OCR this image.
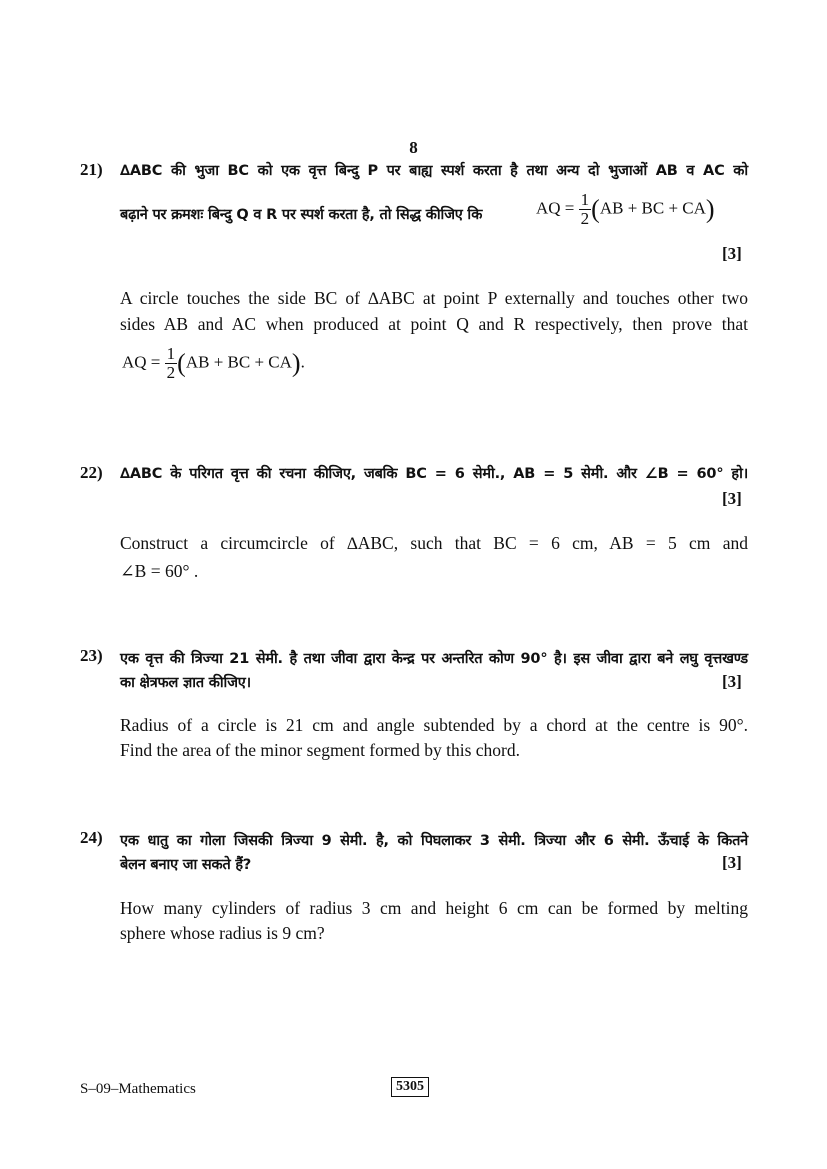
8
21) ∆ABC की भुजा BC को एक वृत्त बिन्दु P पर बाह्य स्पर्श करता है तथा अन्य दो भुजाओं AB व AC को
बढ़ाने पर क्रमशः बिन्दु Q व R पर स्पर्श करता है, तो सिद्ध कीजिए कि	AQ = $\frac{1}{2} (AB$ + BC + CA)
[3]
A circle touches the side BC of ∆ABC at point P externally and touches other two
sides AB and AC when produced at point Q and R respectively, then prove that
AQ = $\frac{1}{2} (AB$ + BC + CA).
22) ∆ABC के परिगत वृत्त की रचना कीजिए, जबकि BC = 6 सेमी., AB = 5 सेमी. और ∠B = 60° हो।
[3]
Construct a circumcircle of ∆ABC, such that BC = 6 cm, AB = 5 cm and
∠B = 60° .
23) एक वृत्त की त्रिज्या 21 सेमी. है तथा जीवा द्वारा केन्द्र पर अन्तरित कोण 90° है। इस जीवा द्वारा बने लघु वृत्तखण्ड
का क्षेत्रफल ज्ञात कीजिए।	[3]
Radius of a circle is 21 cm and angle subtended by a chord at the centre is 90°.
Find the area of the minor segment formed by this chord.
24) एक धातु का गोला जिसकी त्रिज्या 9 सेमी. है, को पिघलाकर 3 सेमी. त्रिज्या और 6 सेमी. ऊँचाई के कितने
बेलन बनाए जा सकते हैं?	[3]
How many cylinders of radius 3 cm and height 6 cm can be formed by melting
sphere whose radius is 9 cm?
S–09–Mathematics	5305
